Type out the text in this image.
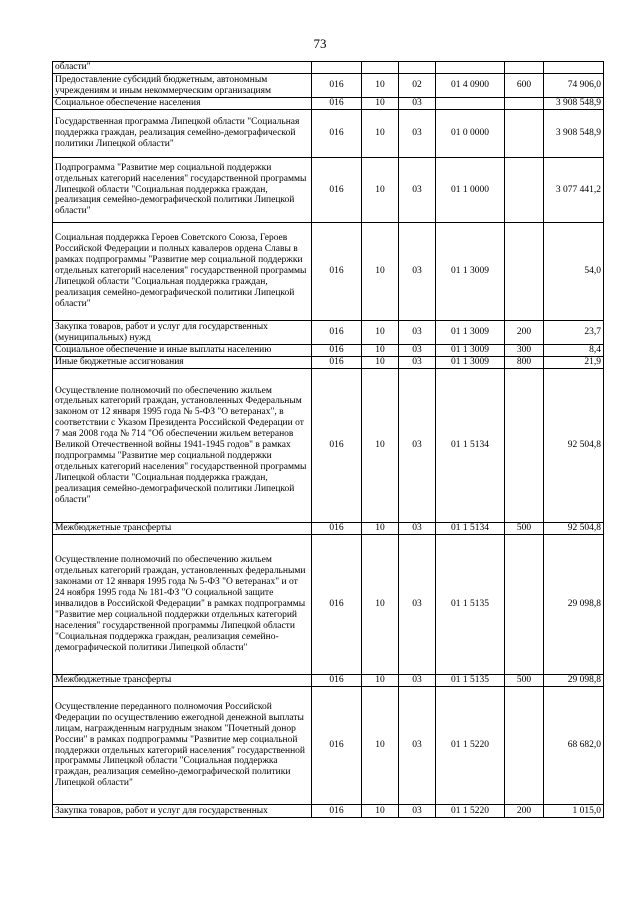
73
области"						
Предоставление субсидий бюджетным, автономным учреждениям и иным некоммерческим организациям	016	10	02	01 4 0900	600	74 906,0
Социальное обеспечение населения	016	10	03			3 908 548,9
Государственная программа Липецкой области "Социальная поддержка граждан, реализация семейно-демографической политики Липецкой области"	016	10	03	01 0 0000		3 908 548,9
Подпрограмма "Развитие мер социальной поддержки отдельных категорий населения" государственной программы Липецкой области "Социальная поддержка граждан, реализация семейно-демографической политики Липецкой области"	016	10	03	01 1 0000		3 077 441,2
Социальная поддержка Героев Советского Союза, Героев Российской Федерации и полных кавалеров ордена Славы в рамках подпрограммы "Развитие мер социальной поддержки отдельных категорий населения" государственной программы Липецкой области "Социальная поддержка граждан, реализация семейно-демографической политики Липецкой области"	016	10	03	01 1 3009		54,0
Закупка товаров, работ и услуг для государственных (муниципальных) нужд	016	10	03	01 1 3009	200	23,7
Социальное обеспечение и иные выплаты населению	016	10	03	01 1 3009	300	8,4
Иные бюджетные ассигнования	016	10	03	01 1 3009	800	21,9
Осуществление полномочий по обеспечению жильем отдельных категорий граждан, установленных Федеральным законом от 12 января 1995 года № 5-ФЗ "О ветеранах", в соответствии с Указом Президента Российской Федерации от 7 мая 2008 года № 714 "Об обеспечении жильем ветеранов Великой Отечественной войны 1941-1945 годов" в рамках подпрограммы "Развитие мер социальной поддержки отдельных категорий населения" государственной программы Липецкой области "Социальная поддержка граждан, реализация семейно-демографической политики Липецкой области"	016	10	03	01 1 5134		92 504,8
Межбюджетные трансферты	016	10	03	01 1 5134	500	92 504,8
Осуществление полномочий по обеспечению жильем отдельных категорий граждан, установленных федеральными законами от 12 января 1995 года № 5-ФЗ "О ветеранах" и от 24 ноября 1995 года № 181-ФЗ "О социальной защите инвалидов в Российской Федерации" в рамках подпрограммы "Развитие мер социальной поддержки отдельных категорий населения" государственной программы Липецкой области "Социальная поддержка граждан, реализация семейно-демографической политики Липецкой области"	016	10	03	01 1 5135		29 098,8
Межбюджетные трансферты	016	10	03	01 1 5135	500	29 098,8
Осуществление переданного полномочия Российской Федерации по осуществлению ежегодной денежной выплаты лицам, награжденным нагрудным знаком "Почетный донор России" в рамках подпрограммы "Развитие мер социальной поддержки отдельных категорий населения" государственной программы Липецкой области "Социальная поддержка граждан, реализация семейно-демографической политики Липецкой области"	016	10	03	01 1 5220		68 682,0
Закупка товаров, работ и услуг для государственных	016	10	03	01 1 5220	200	1 015,0
